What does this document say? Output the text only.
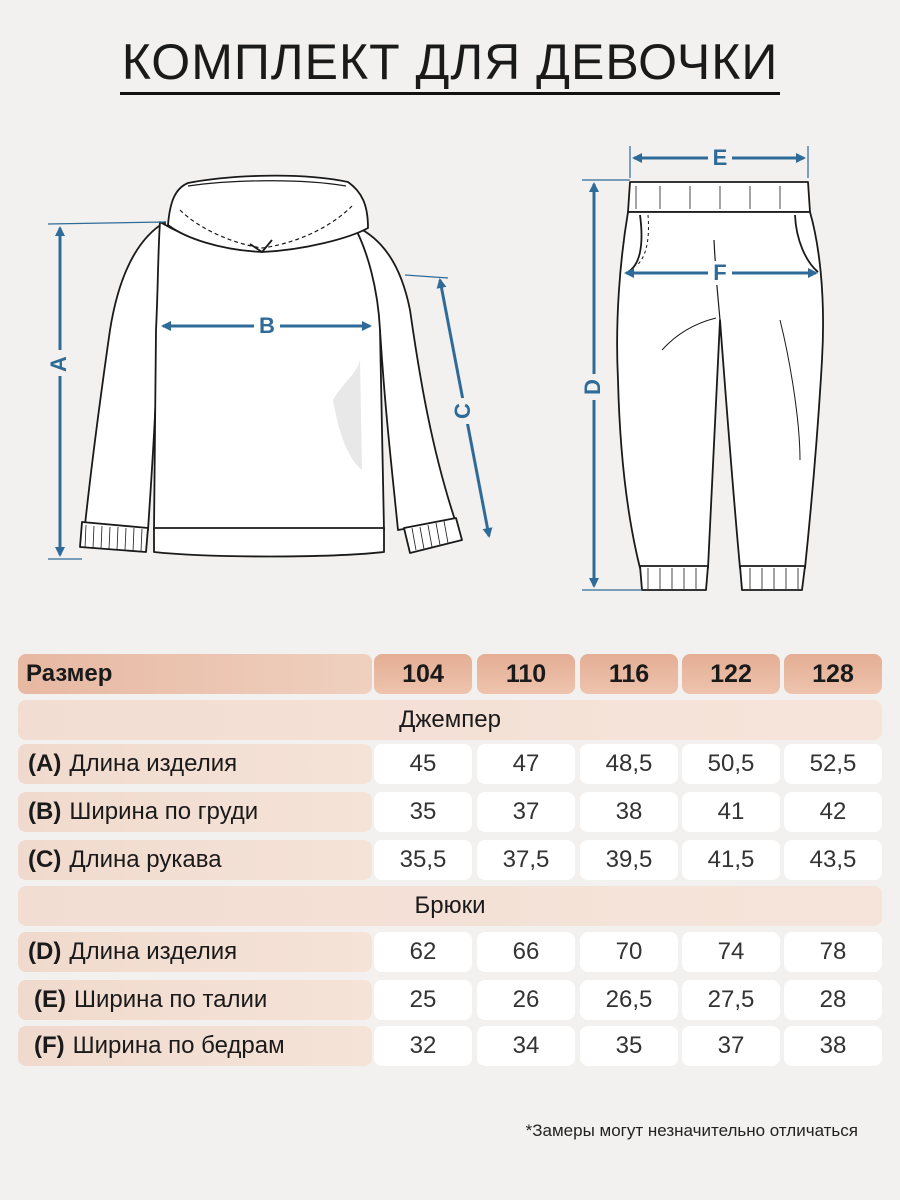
КОМПЛЕКТ ДЛЯ ДЕВОЧКИ
A
B
C
D
E
F
Размер	104	110	116	122	128
Джемпер
(A) Длина изделия	45	47	48,5	50,5	52,5
(B) Ширина по груди	35	37	38	41	42
(C) Длина рукава	35,5	37,5	39,5	41,5	43,5
Брюки
(D) Длина изделия	62	66	70	74	78
(E) Ширина по талии	25	26	26,5	27,5	28
(F) Ширина по бедрам	32	34	35	37	38
*Замеры могут незначительно отличаться
